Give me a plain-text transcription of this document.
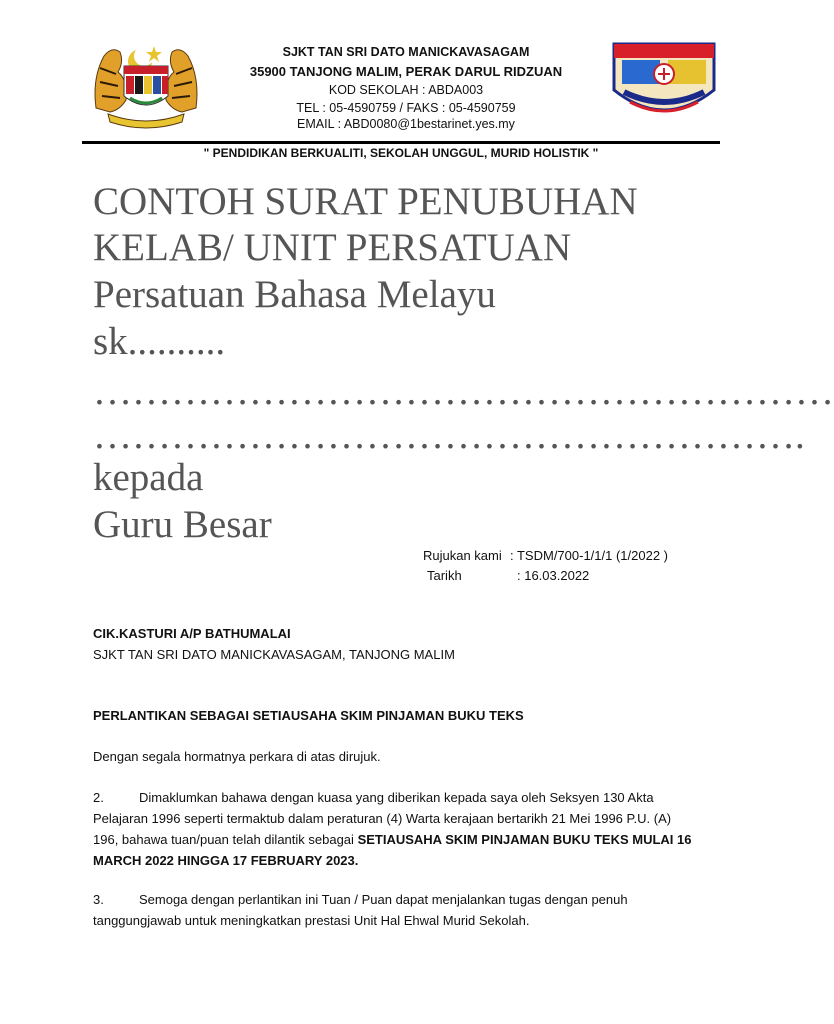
SJKT TAN SRI DATO MANICKAVASAGAM
35900 TANJONG MALIM, PERAK DARUL RIDZUAN
KOD SEKOLAH : ABDA003
TEL : 05-4590759 / FAKS : 05-4590759
EMAIL : ABD0080@1bestarinet.yes.my
" PENDIDIKAN BERKUALITI, SEKOLAH UNGGUL, MURID HOLISTIK "
CONTOH SURAT PENUBUHAN
KELAB/ UNIT PERSATUAN
Persatuan Bahasa Melayu
sk..........
…………………………………………………
……………………………………………….
kepada
Guru Besar
Rujukan kami : TSDM/700-1/1/1 (1/2022 )
Tarikh	: 16.03.2022
CIK.KASTURI A/P BATHUMALAI
SJKT TAN SRI DATO MANICKAVASAGAM, TANJONG MALIM
PERLANTIKAN SEBAGAI SETIAUSAHA SKIM PINJAMAN BUKU TEKS
Dengan segala hormatnya perkara di atas dirujuk.
2.	Dimaklumkan bahawa dengan kuasa yang diberikan kepada saya oleh Seksyen 130 Akta Pelajaran 1996 seperti termaktub dalam peraturan (4) Warta kerajaan bertarikh 21 Mei 1996 P.U. (A) 196, bahawa tuan/puan telah dilantik sebagai SETIAUSAHA SKIM PINJAMAN BUKU TEKS MULAI 16 MARCH 2022 HINGGA 17 FEBRUARY 2023.
3.	Semoga dengan perlantikan ini Tuan / Puan dapat menjalankan tugas dengan penuh tanggungjawab untuk meningkatkan prestasi Unit Hal Ehwal Murid Sekolah.
